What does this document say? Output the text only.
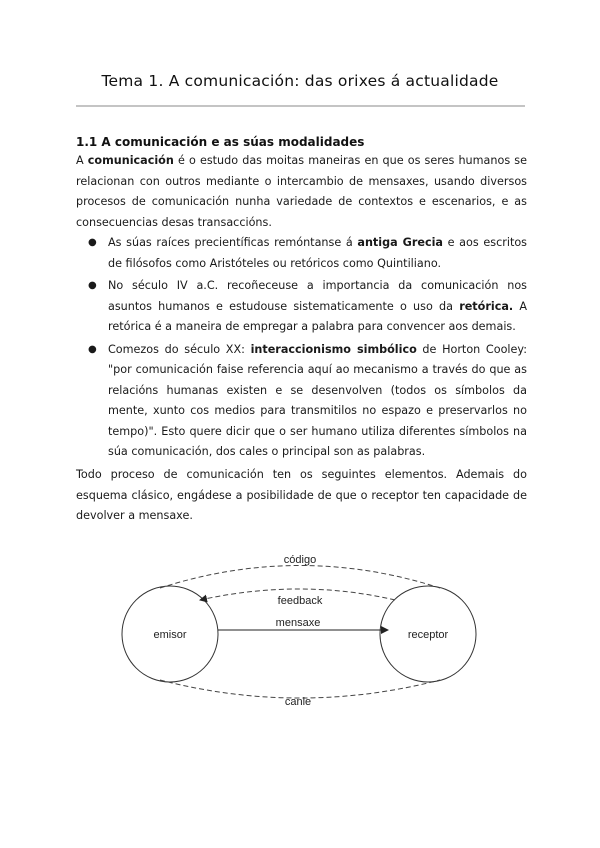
Tema 1. A comunicación: das orixes á actualidade
1.1 A comunicación e as súas modalidades
A comunicación é o estudo das moitas maneiras en que os seres humanos se relacionan con outros mediante o intercambio de mensaxes, usando diversos procesos de comunicación nunha variedade de contextos e escenarios, e as consecuencias desas transaccións.
● As súas raíces precientíficas remóntanse á antiga Grecia e aos escritos de filósofos como Aristóteles ou retóricos como Quintiliano.
● No século IV a.C. recoñeceuse a importancia da comunicación nos asuntos humanos e estudouse sistematicamente o uso da retórica. A retórica é a maneira de empregar a palabra para convencer aos demais.
● Comezos do século XX: interaccionismo simbólico de Horton Cooley: "por comunicación faise referencia aquí ao mecanismo a través do que as relacións humanas existen e se desenvolven (todos os símbolos da mente, xunto cos medios para transmitilos no espazo e preservarlos no tempo)". Esto quere dicir que o ser humano utiliza diferentes símbolos na súa comunicación, dos cales o principal son as palabras.
Todo proceso de comunicación ten os seguintes elementos. Ademais do esquema clásico, engádese a posibilidade de que o receptor ten capacidade de devolver a mensaxe.
código
feedback
mensaxe
emisor	receptor
canle
